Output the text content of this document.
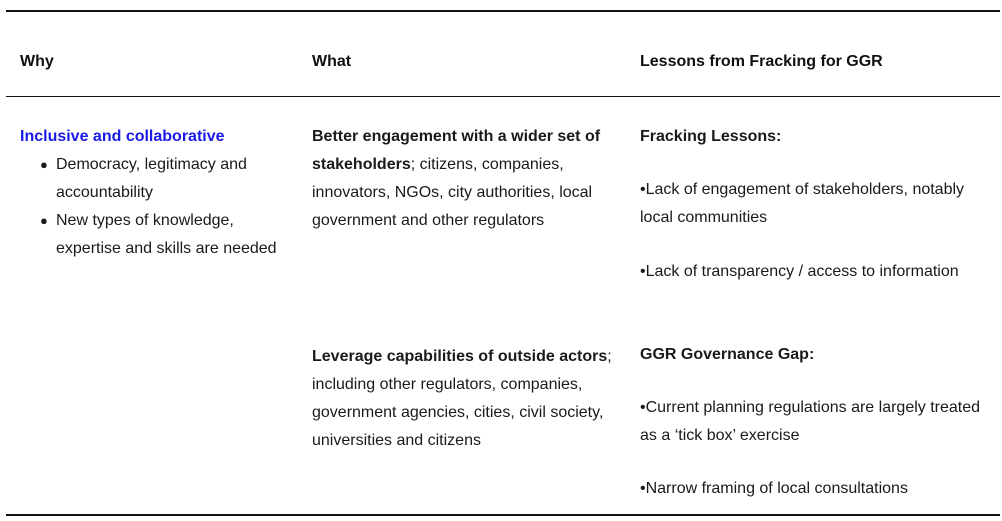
Why	What	Lessons from Fracking for GGR
Inclusive and collaborative
● Democracy, legitimacy and accountability
● New types of knowledge, expertise and skills are needed
Better engagement with a wider set of stakeholders; citizens, companies, innovators, NGOs, city authorities, local government and other regulators
Leverage capabilities of outside actors; including other regulators, companies, government agencies, cities, civil society, universities and citizens
Fracking Lessons:
•Lack of engagement of stakeholders, notably local communities
•Lack of transparency / access to information
GGR Governance Gap:
•Current planning regulations are largely treated as a ‘tick box’ exercise
•Narrow framing of local consultations
